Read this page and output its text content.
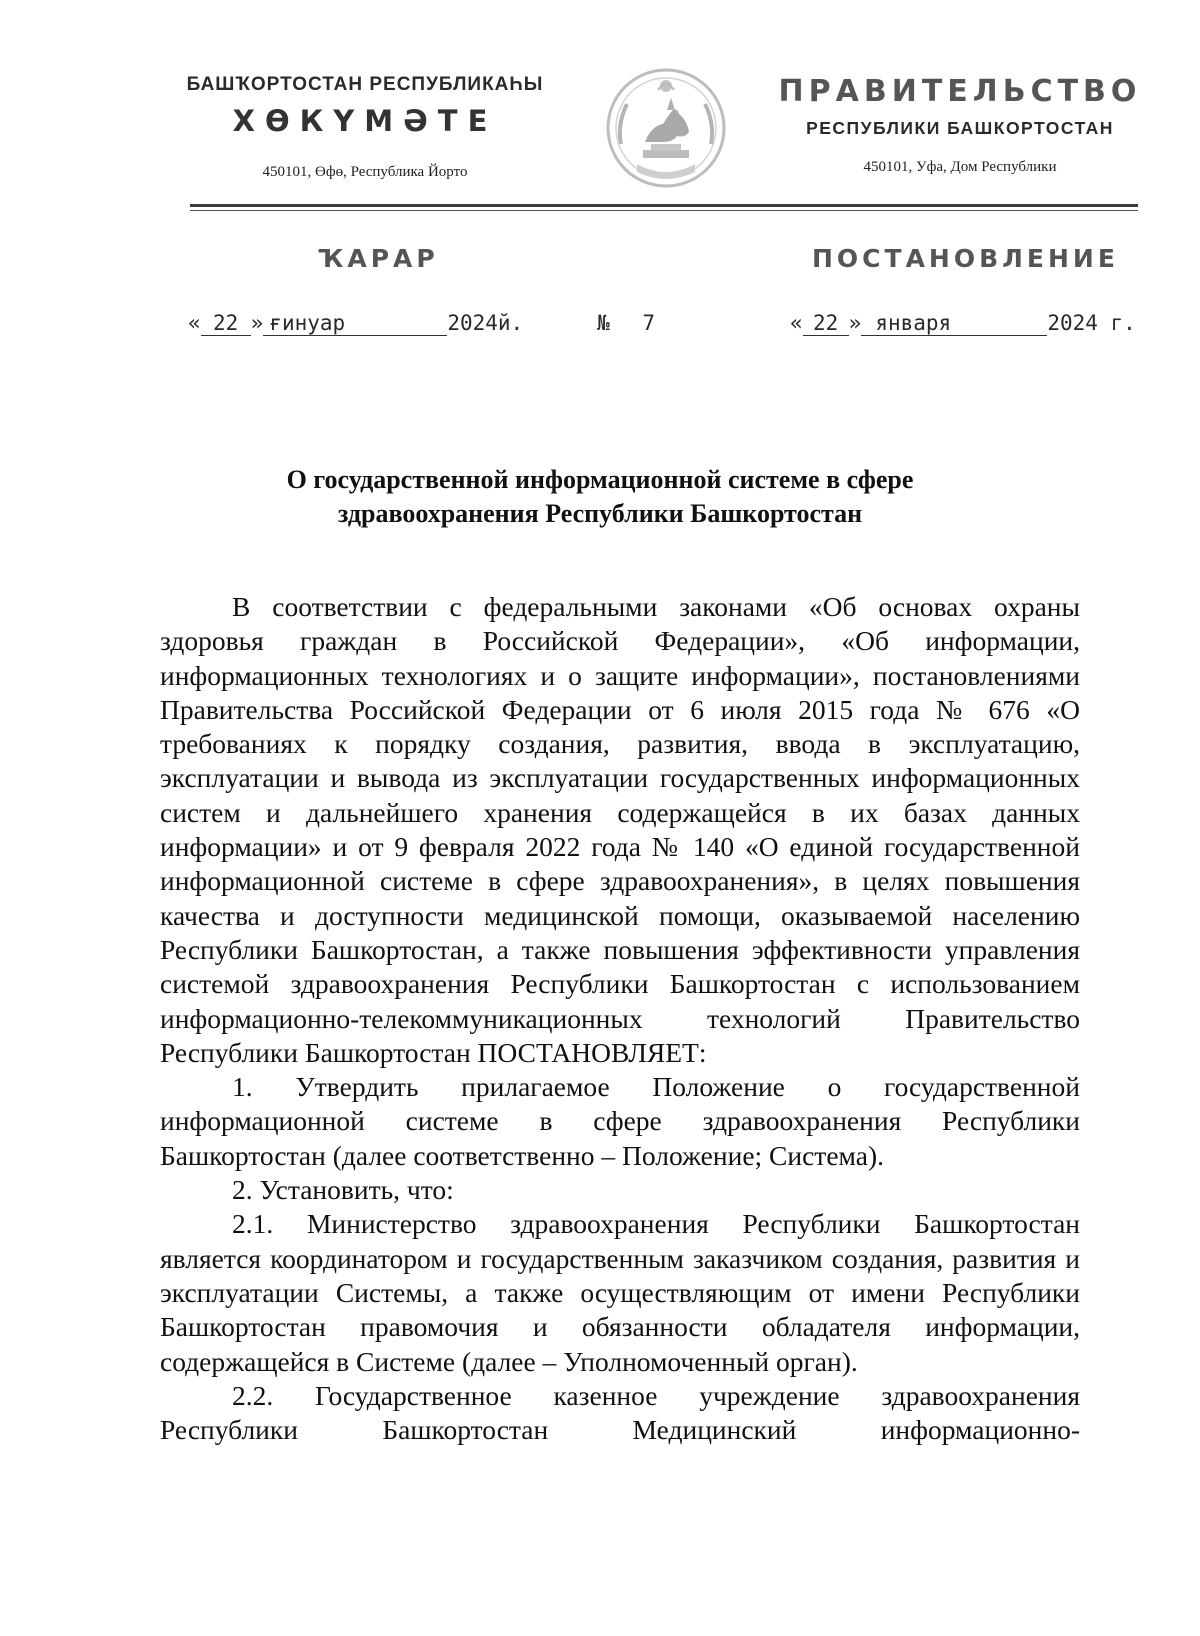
БАШҠОРТОСТАН РЕСПУБЛИКАҺЫ
ХӨКҮМӘТЕ
450101, Өфө, Республика Йорто
ПРАВИТЕЛЬСТВО
РЕСПУБЛИКИ БАШКОРТОСТАН
450101, Уфа, Дом Республики
ҠАРАР	ПОСТАНОВЛЕНИЕ
« 22 » ғинуар	2024й.	№ 7	« 22 » января	2024 г.
О государственной информационной системе в сфере
здравоохранения Республики Башкортостан

В соответствии с федеральными законами «Об основах охраны здоровья граждан в Российской Федерации», «Об информации, информационных технологиях и о защите информации», постановлениями Правительства Российской Федерации от 6 июля 2015 года № 676 «О требованиях к порядку создания, развития, ввода в эксплуатацию, эксплуатации и вывода из эксплуатации государственных информационных систем и дальнейшего хранения содержащейся в их базах данных информации» и от 9 февраля 2022 года № 140 «О единой государственной информационной системе в сфере здравоохранения», в целях повышения качества и доступности медицинской помощи, оказываемой населению Республики Башкортостан, а также повышения эффективности управления системой здравоохранения Республики Башкортостан с использованием информационно-телекоммуникационных технологий Правительство Республики Башкортостан ПОСТАНОВЛЯЕТ:

1. Утвердить прилагаемое Положение о государственной информационной системе в сфере здравоохранения Республики Башкортостан (далее соответственно – Положение; Система).

2. Установить, что:

2.1. Министерство здравоохранения Республики Башкортостан является координатором и государственным заказчиком создания, развития и эксплуатации Системы, а также осуществляющим от имени Республики Башкортостан правомочия и обязанности обладателя информации, содержащейся в Системе (далее – Уполномоченный орган).

2.2. Государственное казенное учреждение здравоохранения Республики Башкортостан Медицинский информационно-
